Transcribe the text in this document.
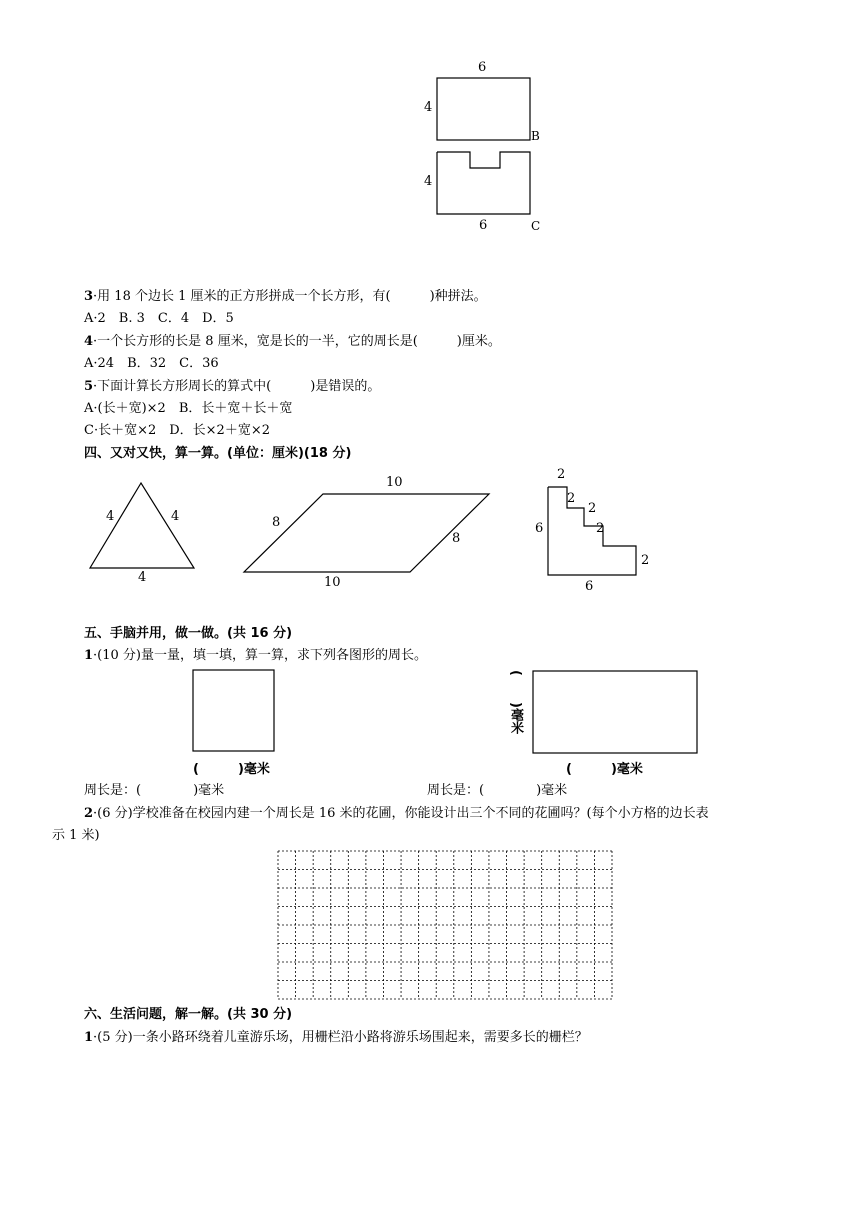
6
4
B
4
6	C
3·用 18 个边长 1 厘米的正方形拼成一个长方形，有(　　　)种拼法。
A·2　B. 3　C．4　D．5
4·一个长方形的长是 8 厘米，宽是长的一半，它的周长是(　　　)厘米。
A·24　B．32　C．36
5·下面计算长方形周长的算式中(　　　)是错误的。
A·(长＋宽)×2　B．长＋宽＋长＋宽
C·长＋宽×2　D．长×2＋宽×2
四、又对又快，算一算。(单位：厘米)(18 分)
4	4
4
10
8
8
10
2
2
2
2
2
6
6
五、手脑并用，做一做。(共 16 分)
1·(10 分)量一量，填一填，算一算，求下列各图形的周长。
(　　　)毫米	(　　　)毫米
(　　)毫米
周长是：(　　　　)毫米	周长是：(　　　　)毫米
2·(6 分)学校准备在校园内建一个周长是 16 米的花圃，你能设计出三个不同的花圃吗？(每个小方格的边长表
示 1 米)
六、生活问题，解一解。(共 30 分)
1·(5 分)一条小路环绕着儿童游乐场，用栅栏沿小路将游乐场围起来，需要多长的栅栏？
